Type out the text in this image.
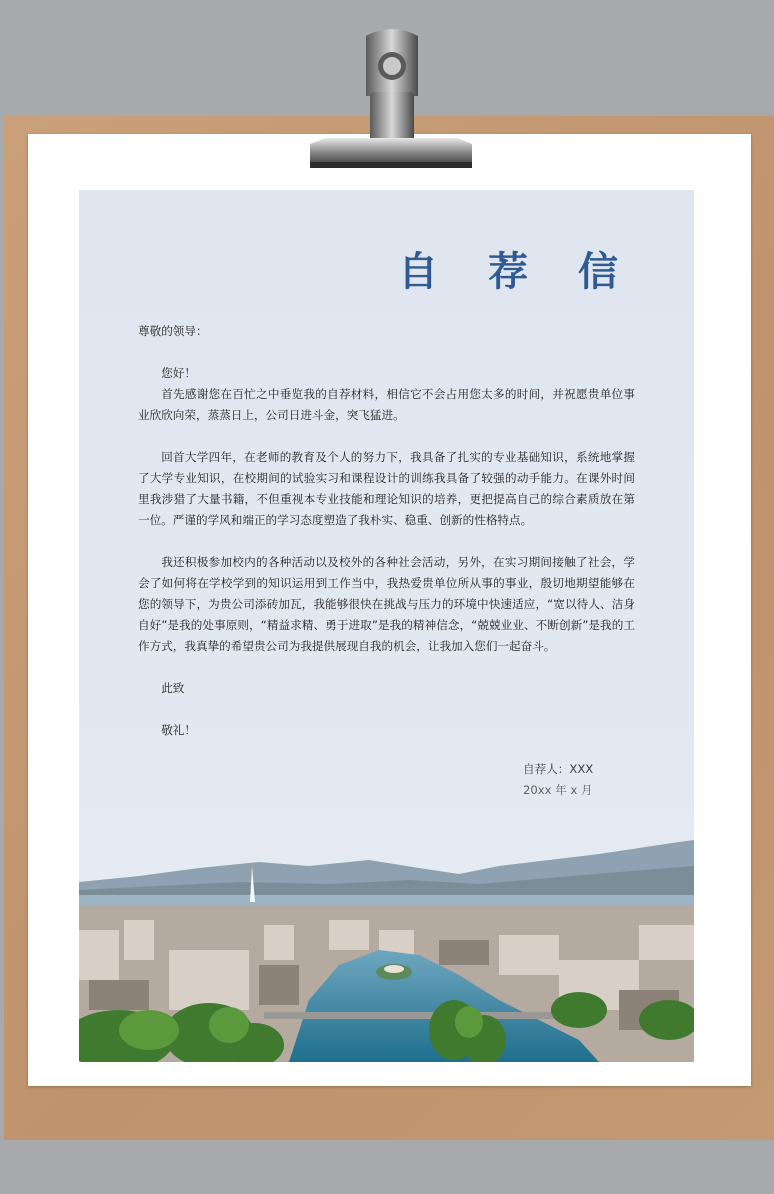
自 荐 信

尊敬的领导：

您好！

首先感谢您在百忙之中垂览我的自荐材料，相信它不会占用您太多的时间，并祝愿贵单位事业欣欣向荣，蒸蒸日上，公司日进斗金，突飞猛进。

回首大学四年，在老师的教育及个人的努力下，我具备了扎实的专业基础知识，系统地掌握了大学专业知识，在校期间的试验实习和课程设计的训练我具备了较强的动手能力。在课外时间里我涉猎了大量书籍，不但重视本专业技能和理论知识的培养，更把提高自己的综合素质放在第一位。严谨的学风和端正的学习态度塑造了我朴实、稳重、创新的性格特点。

我还积极参加校内的各种活动以及校外的各种社会活动，另外，在实习期间接触了社会，学会了如何将在学校学到的知识运用到工作当中，我热爱贵单位所从事的事业，殷切地期望能够在您的领导下，为贵公司添砖加瓦，我能够很快在挑战与压力的环境中快速适应，“宽以待人、洁身自好”是我的处事原则，“精益求精、勇于进取”是我的精神信念，“兢兢业业、不断创新”是我的工作方式，我真挚的希望贵公司为我提供展现自我的机会，让我加入您们一起奋斗。

此致

敬礼！
